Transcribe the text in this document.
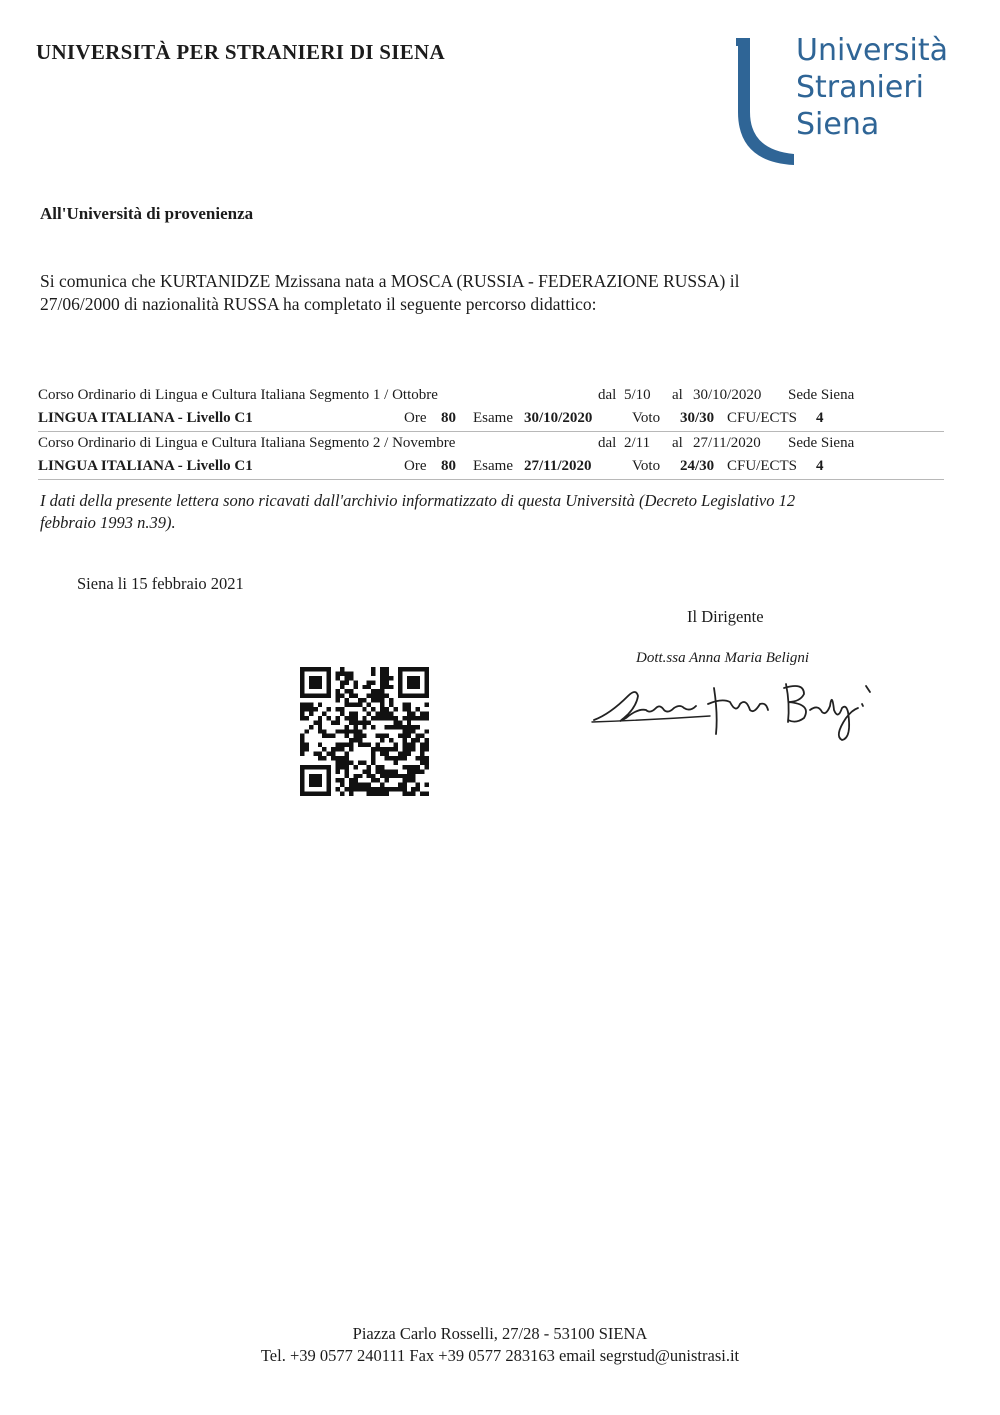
UNIVERSITÀ PER STRANIERI DI SIENA	Università
Stranieri
Siena
All'Università di provenienza
Si comunica che KURTANIDZE Mzissana nata a MOSCA (RUSSIA - FEDERAZIONE RUSSA) il 27/06/2000 di nazionalità RUSSA ha completato il seguente percorso didattico:
Corso Ordinario di Lingua e Cultura Italiana Segmento 1 / Ottobre	dal 5/10 al 30/10/2020 Sede Siena
LINGUA ITALIANA - Livello C1	Ore 80 Esame 30/10/2020	Voto 30/30 CFU/ECTS 4
Corso Ordinario di Lingua e Cultura Italiana Segmento 2 / Novembre	dal 2/11 al 27/11/2020 Sede Siena
LINGUA ITALIANA - Livello C1	Ore 80 Esame 27/11/2020	Voto 24/30 CFU/ECTS 4
I dati della presente lettera sono ricavati dall'archivio informatizzato di questa Università (Decreto Legislativo 12 febbraio 1993 n.39).
Siena li 15 febbraio 2021
Il Dirigente
Dott.ssa Anna Maria Beligni
Piazza Carlo Rosselli, 27/28 - 53100 SIENA
Tel. +39 0577 240111 Fax +39 0577 283163 email segrstud@unistrasi.it
